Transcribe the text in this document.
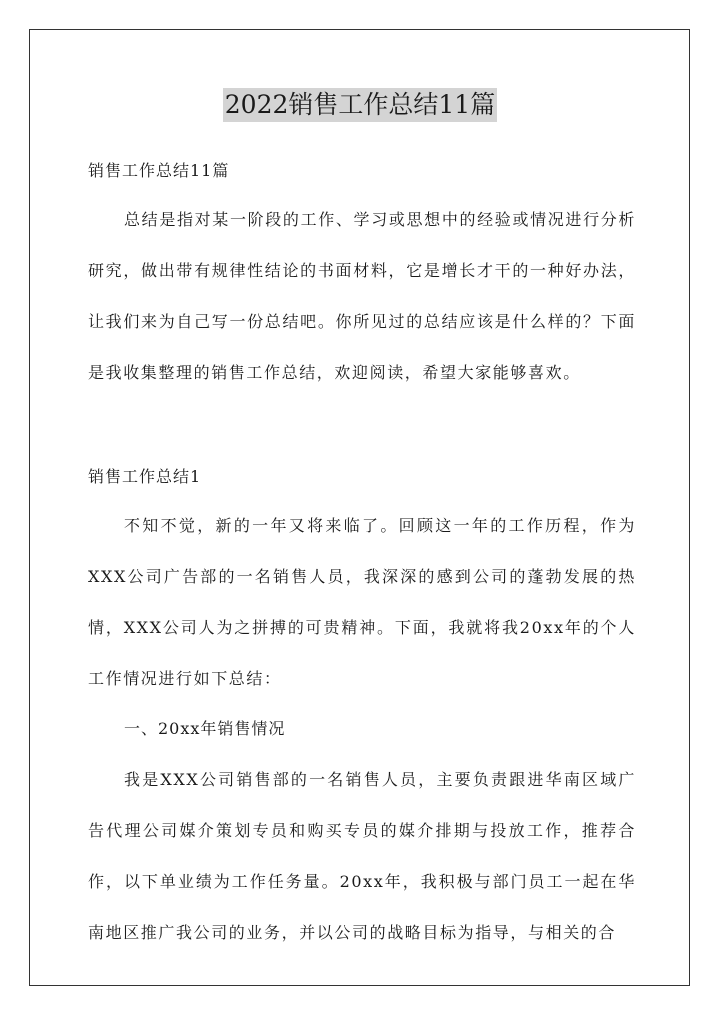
2022销售工作总结11篇

销售工作总结11篇

总结是指对某一阶段的工作、学习或思想中的经验或情况进行分析研究，做出带有规律性结论的书面材料，它是增长才干的一种好办法，让我们来为自己写一份总结吧。你所见过的总结应该是什么样的？下面是我收集整理的销售工作总结，欢迎阅读，希望大家能够喜欢。

销售工作总结1

不知不觉，新的一年又将来临了。回顾这一年的工作历程，作为XXX公司广告部的一名销售人员，我深深的感到公司的蓬勃发展的热情，XXX公司人为之拼搏的可贵精神。下面，我就将我20xx年的个人工作情况进行如下总结：

一、20xx年销售情况

我是XXX公司销售部的一名销售人员，主要负责跟进华南区域广告代理公司媒介策划专员和购买专员的媒介排期与投放工作，推荐合作，以下单业绩为工作任务量。20xx年，我积极与部门员工一起在华南地区推广我公司的业务，并以公司的战略目标为指导，与相关的合
